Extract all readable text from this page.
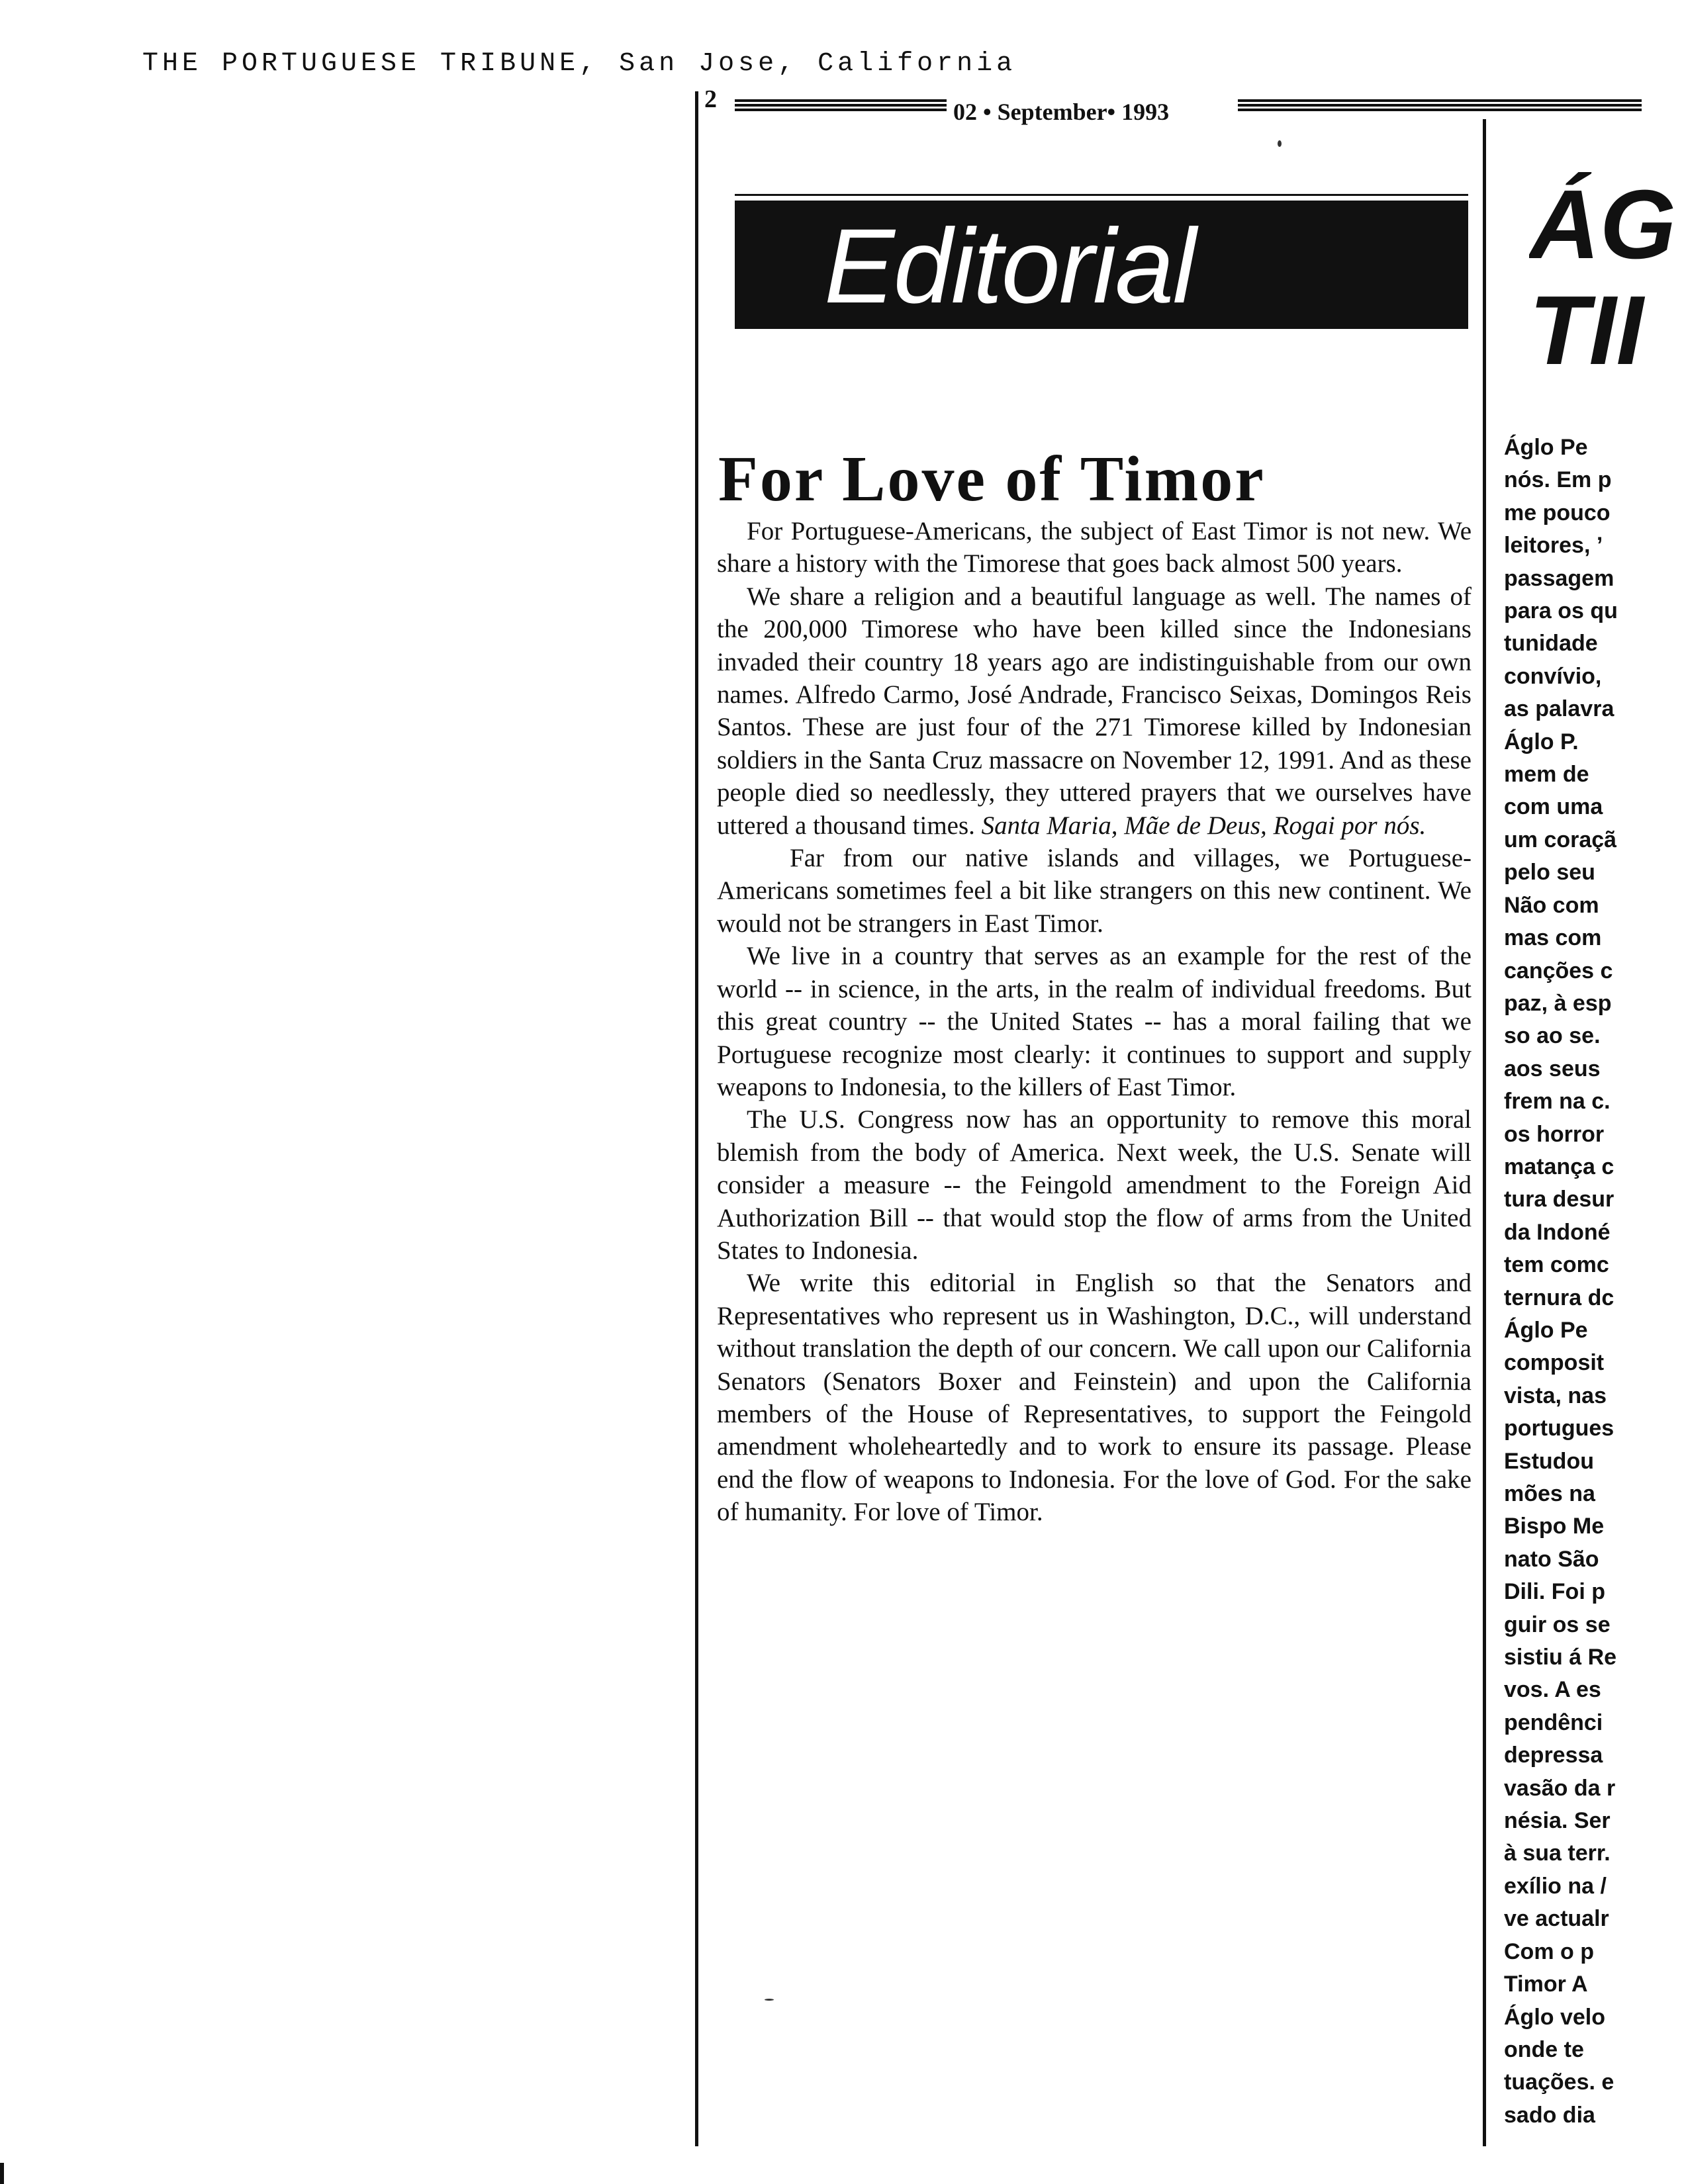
THE PORTUGUESE TRIBUNE, San Jose, California
2	02 • September• 1993
Editorial
For Love of Timor

For Portuguese-Americans, the subject of East Timor is not new. We share a history with the Timorese that goes back almost 500 years.

We share a religion and a beautiful language as well. The names of the 200,000 Timorese who have been killed since the Indonesians invaded their country 18 years ago are indistinguishable from our own names. Alfredo Carmo, José Andrade, Francisco Seixas, Domingos Reis Santos. These are just four of the 271 Timorese killed by Indonesian soldiers in the Santa Cruz massacre on November 12, 1991. And as these people died so needlessly, they uttered prayers that we ourselves have uttered a thousand times. Santa Maria, Mãe de Deus, Rogai por nós.

Far from our native islands and villages, we Portuguese-Americans sometimes feel a bit like strangers on this new continent. We would not be strangers in East Timor.

We live in a country that serves as an example for the rest of the world -- in science, in the arts, in the realm of individual freedoms. But this great country -- the United States -- has a moral failing that we Portuguese recognize most clearly: it continues to support and supply weapons to Indonesia, to the killers of East Timor.

The U.S. Congress now has an opportunity to remove this moral blemish from the body of America. Next week, the U.S. Senate will consider a measure -- the Feingold amendment to the Foreign Aid Authorization Bill -- that would stop the flow of arms from the United States to Indonesia.

We write this editorial in English so that the Senators and Representatives who represent us in Washington, D.C., will understand without translation the depth of our concern. We call upon our California Senators (Senators Boxer and Feinstein) and upon the California members of the House of Representatives, to support the Feingold amendment wholeheartedly and to work to ensure its passage. Please end the flow of weapons to Indonesia. For the love of God. For the sake of humanity. For love of Timor.

ÁG
TII
Áglo Pe
nós. Em p
me pouco
leitores, ’
passagem
para os qu
tunidade
convívio,
as palavra
Áglo P.
mem de
com uma
um coraçã
pelo seu
Não com
mas com
canções c
paz, à esp
so ao se.
aos seus
frem na c.
os horror
matança c
tura desur
da Indoné
tem comc
ternura dc
Áglo Pe
composit
vista, nas
portugues
Estudou
mões na
Bispo Me
nato São
Dili. Foi p
guir os se
sistiu á Re
vos. A es
pendênci
depressa
vasão da r
nésia. Ser
à sua terr.
exílio na /
ve actualr
Com o p
Timor A
Áglo velo
onde te
tuações. e
sado dia
